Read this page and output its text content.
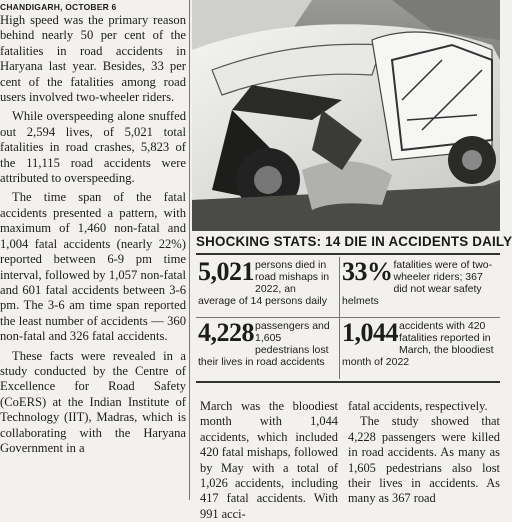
CHANDIGARH, OCTOBER 6

High speed was the primary reason behind nearly 50 per cent of the fatalities in road accidents in Haryana last year. Besides, 33 per cent of the fatalities among road users involved two-wheeler riders.

While overspeeding alone snuffed out 2,594 lives, of 5,021 total fatalities in road crashes, 5,823 of the 11,115 road accidents were attributed to overspeeding.

The time span of the fatal accidents presented a pattern, with maximum of 1,460 non-fatal and 1,004 fatal accidents (nearly 22%) reported between 6-9 pm time interval, followed by 1,057 non-fatal and 601 fatal accidents between 3-6 pm. The 3-6 am time span reported the least number of accidents — 360 non-fatal and 326 fatal accidents.

These facts were revealed in a study conducted by the Centre of Excellence for Road Safety (CoERS) at the Indian Institute of Technology (IIT), Madras, which is collaborating with the Haryana Government in a

SHOCKING STATS: 14 DIE IN ACCIDENTS DAILY
5,021 persons died in road mishaps in 2022, an average of 14 persons daily
33% fatalities were of two-wheeler riders; 367 did not wear safety helmets
4,228 passengers and 1,605 pedestrians lost their lives in road accidents
1,044 accidents with 420 fatalities reported in March, the bloodiest month of 2022

March was the bloodiest month with 1,044 accidents, which included 420 fatal mishaps, followed by May with a total of 1,026 accidents, including 417 fatal accidents. With 991 acci-

fatal accidents, respectively.

The study showed that 4,228 passengers were killed in road accidents. As many as 1,605 pedestrians also lost their lives in accidents. As many as 367 road
